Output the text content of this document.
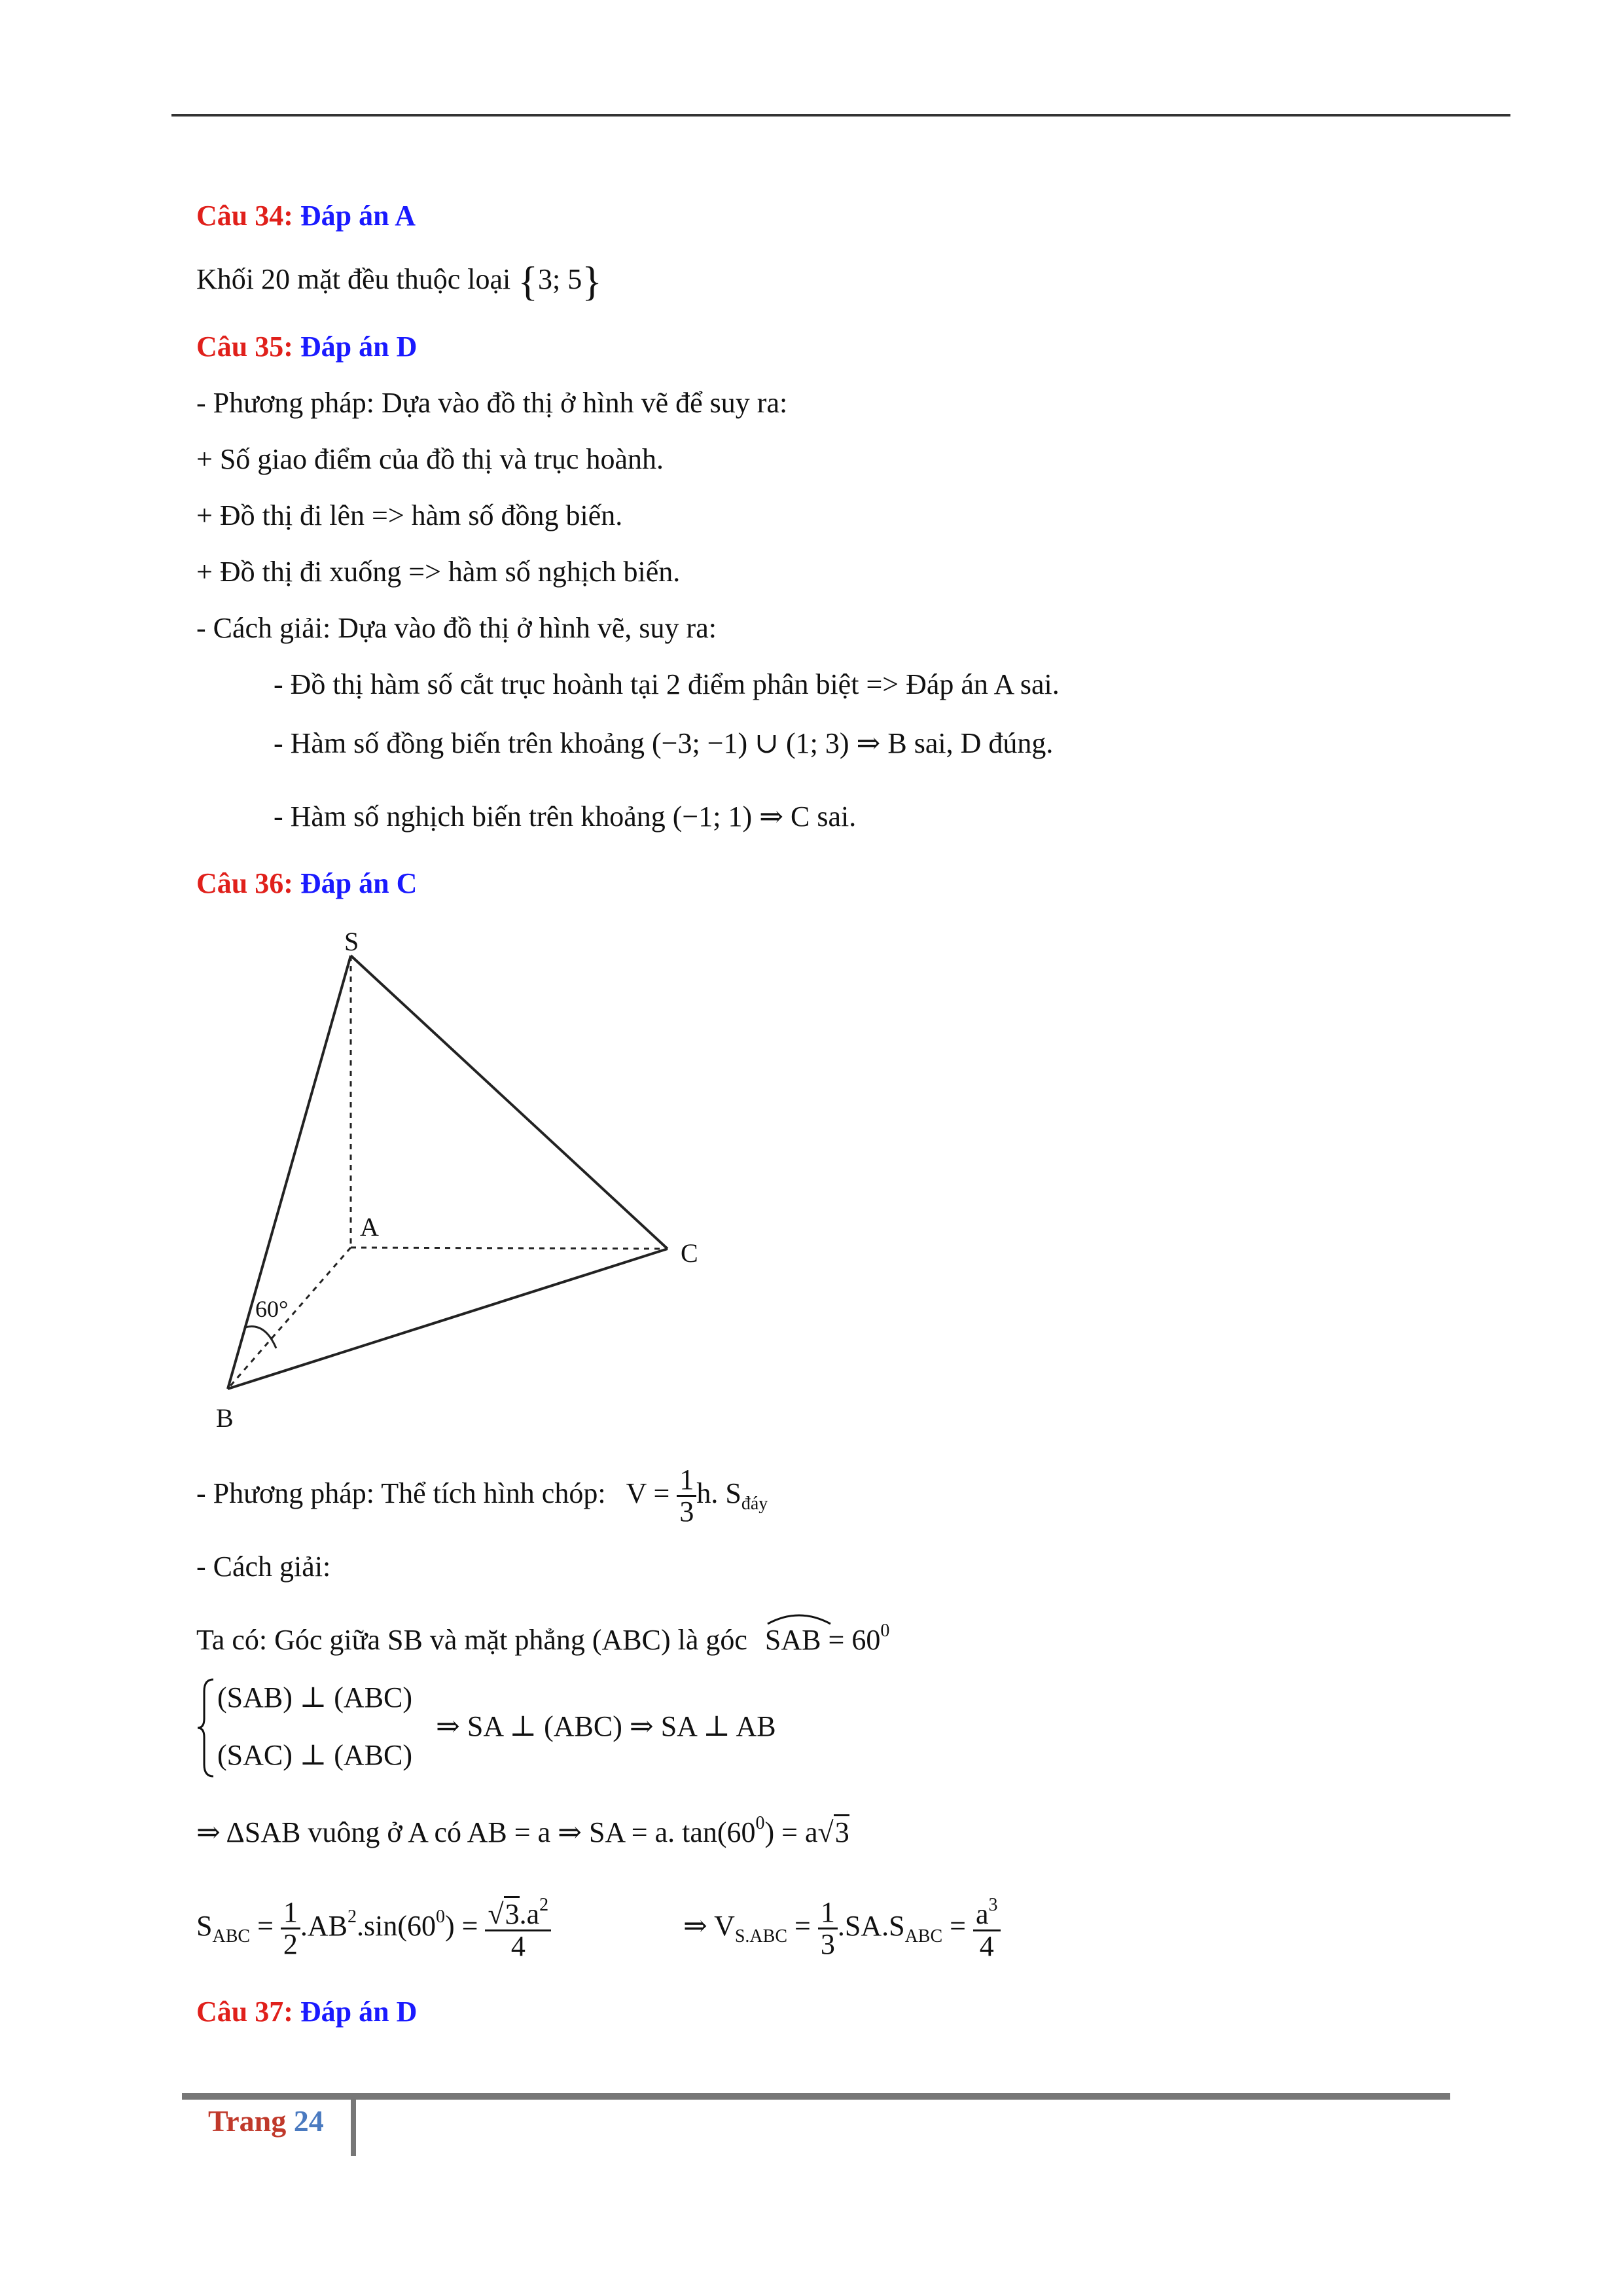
Câu 34: Đáp án A
Khối 20 mặt đều thuộc loại {3; 5}
Câu 35: Đáp án D
- Phương pháp: Dựa vào đồ thị ở hình vẽ để suy ra:
+ Số giao điểm của đồ thị và trục hoành.
+ Đồ thị đi lên => hàm số đồng biến.
+ Đồ thị đi xuống => hàm số nghịch biến.
- Cách giải: Dựa vào đồ thị ở hình vẽ, suy ra:
- Đồ thị hàm số cắt trục hoành tại 2 điểm phân biệt => Đáp án A sai.
- Hàm số đồng biến trên khoảng (−3; −1) ∪ (1; 3) ⇒ B sai, D đúng.
- Hàm số nghịch biến trên khoảng (−1; 1) ⇒ C sai.
Câu 36: Đáp án C
S
A
B
C
60°
- Phương pháp: Thể tích hình chóp: $V = \frac{1}{3} h$. $S_{đáy}$
- Cách giải:
Ta có: Góc giữa SB và mặt phẳng (ABC) là góc SAB = $60^0$
(SAB) ⊥ (ABC)
(SAC) ⊥ (ABC)
⇒ SA ⊥ (ABC) ⇒ SA ⊥ AB
⇒ ΔSAB vuông ở A có AB = a ⇒ SA = a. $\tan(60^0) = a√3$
$S_{ABC} = \frac{1}{2} .AB^2.\sin(60^0) = \frac{√3.a^2}{4}$	⇒ $V_{S.ABC} = \frac{1}{3} .SA.S_{ABC} = \frac{a^3}{4}$
Câu 37: Đáp án D
Trang 24
